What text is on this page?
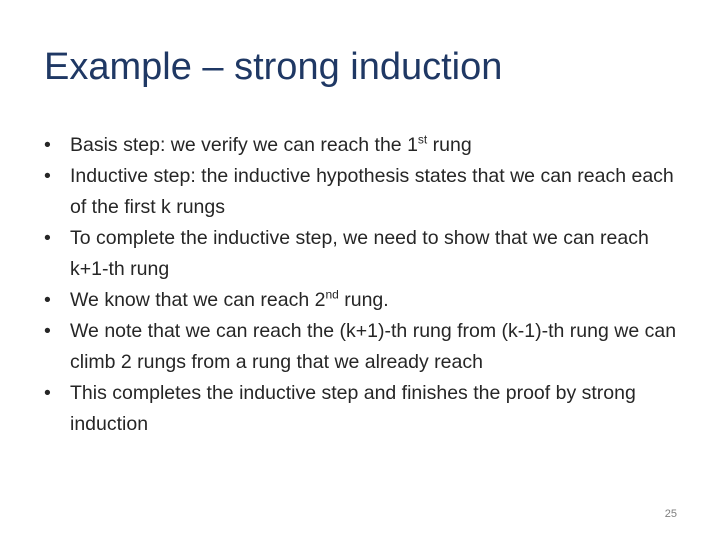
Example – strong induction
• Basis step: we verify we can reach the 1st rung
• Inductive step: the inductive hypothesis states that we can reach each of the first k rungs
• To complete the inductive step, we need to show that we can reach k+1-th rung
• We know that we can reach 2nd rung.
• We note that we can reach the (k+1)-th rung from (k-1)-th rung we can climb 2 rungs from a rung that we already reach
• This completes the inductive step and finishes the proof by strong induction
25
